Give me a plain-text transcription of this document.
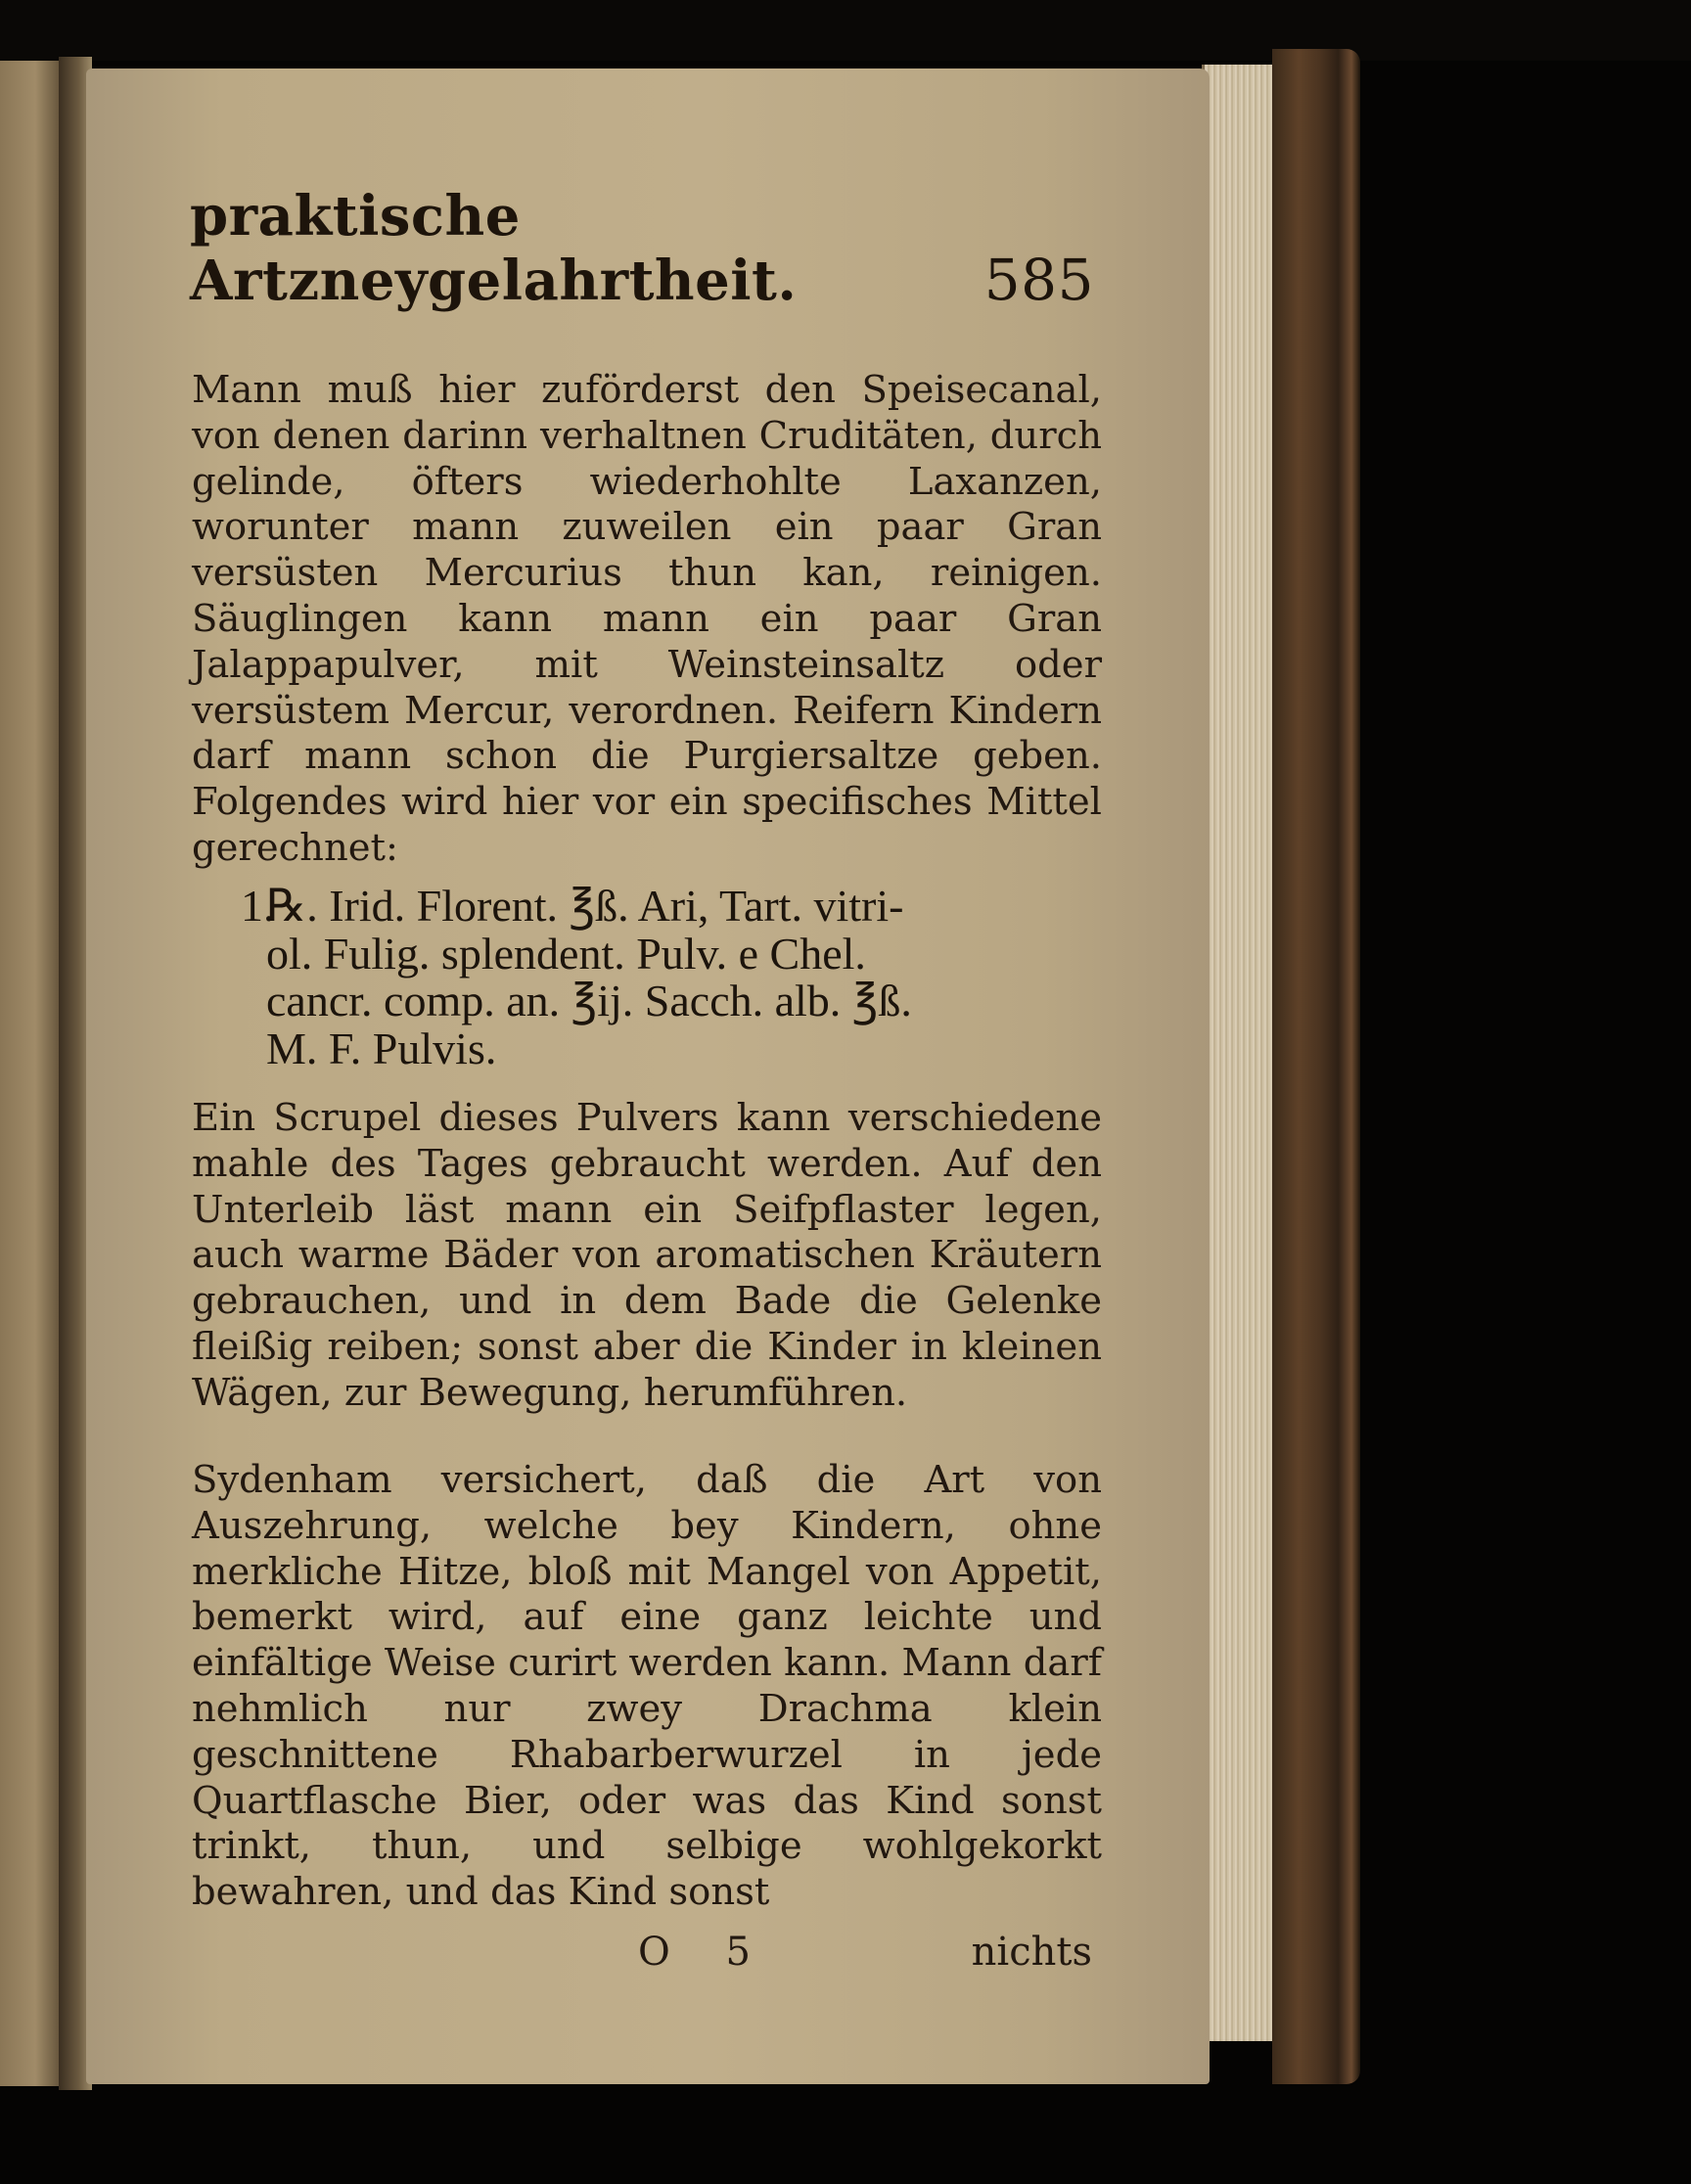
praktische Artzneygelahrtheit.	585
Mann muß hier zuförderst den Speisecanal, von denen darinn verhaltnen Cruditäten, durch gelinde, öfters wiederhohlte Laxanzen, worunter mann zuweilen ein paar Gran versüsten Mercurius thun kan, reinigen. Säuglingen kann mann ein paar Gran Jalappapulver, mit Weinsteinsaltz oder versüstem Mercur, verordnen. Reifern Kindern darf mann schon die Purgiersaltze geben. Folgendes wird hier vor ein specifisches Mittel gerechnet:
1.
℞. Irid. Florent. ℥ß. Ari, Tart. vitri-
ol. Fulig. splendent. Pulv. e Chel.
cancr. comp. an. ℥ij. Sacch. alb. ℥ß.
M. F. Pulvis.
Ein Scrupel dieses Pulvers kann verschiedene mahle des Tages gebraucht werden. Auf den Unterleib läst mann ein Seifpflaster legen, auch warme Bäder von aromatischen Kräutern gebrauchen, und in dem Bade die Gelenke fleißig reiben; sonst aber die Kinder in kleinen Wägen, zur Bewegung, herumführen.
Sydenham versichert, daß die Art von Auszehrung, welche bey Kindern, ohne merkliche Hitze, bloß mit Mangel von Appetit, bemerkt wird, auf eine ganz leichte und einfältige Weise curirt werden kann. Mann darf nehmlich nur zwey Drachma klein geschnittene Rhabarberwurzel in jede Quartflasche Bier, oder was das Kind sonst trinkt, thun, und selbige wohlgekorkt bewahren, und das Kind sonst
O 5	nichts
